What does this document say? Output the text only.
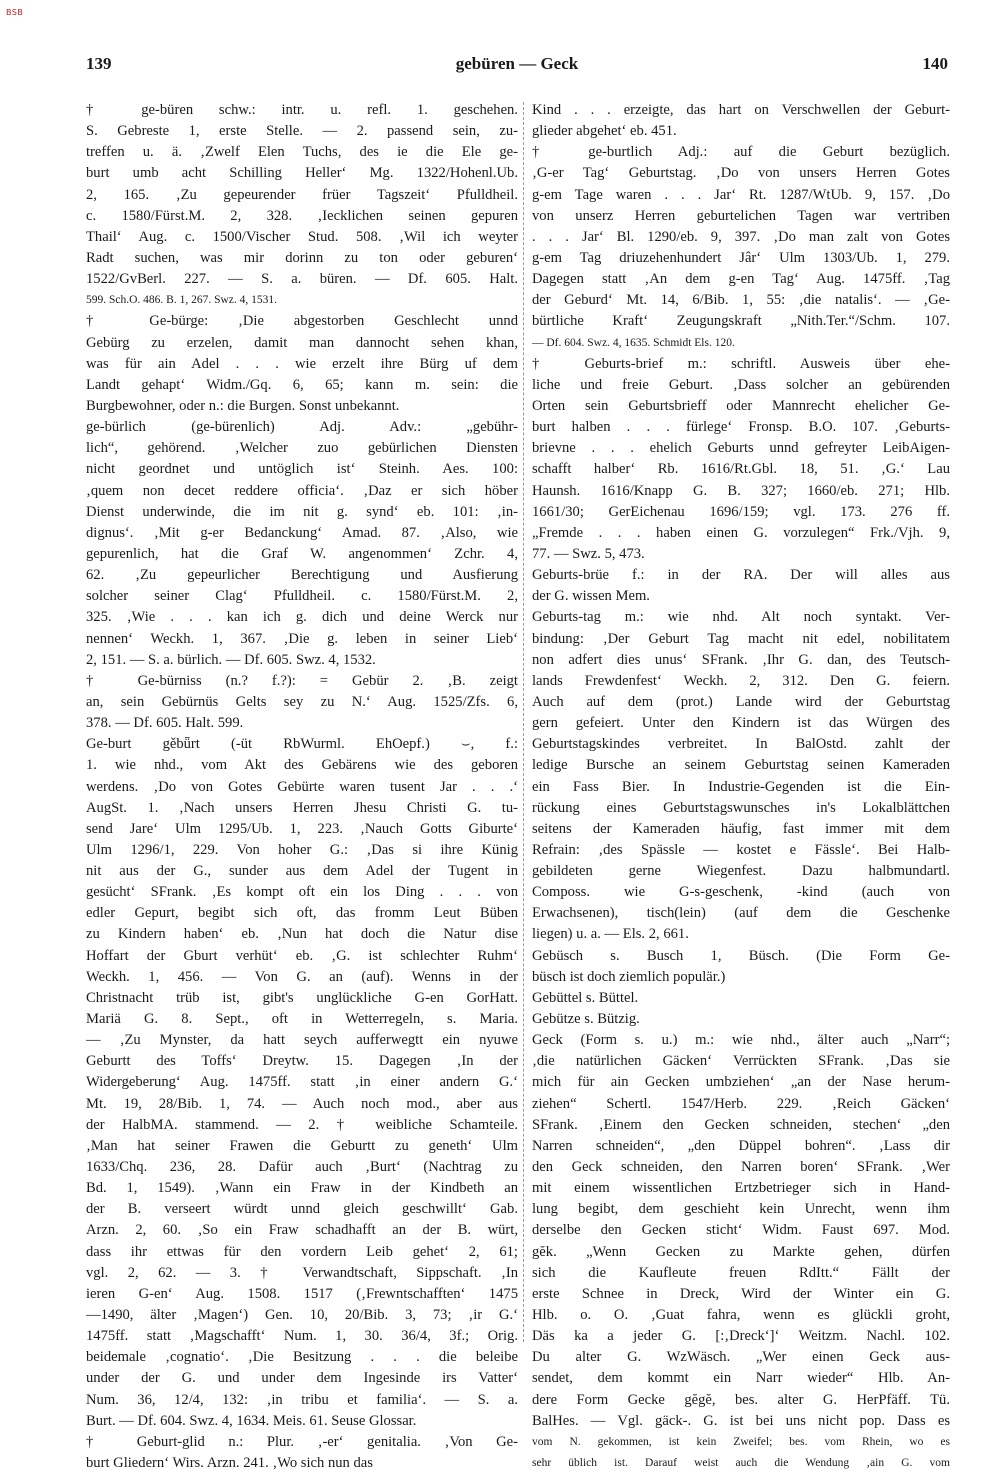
BSB
139	gebüren — Geck	140
† ge-büren schw.: intr. u. refl. 1. geschehen.
S. Gebreste 1, erste Stelle. — 2. passend sein, zu-
treffen u. ä. ‚Zwelf Elen Tuchs, des ie die Ele ge-
burt umb acht Schilling Heller‘ Mg. 1322/Hohenl.Ub.
2, 165. ‚Zu gepeurender früer Tagszeit‘ Pfulldheil.
c. 1580/Fürst.M. 2, 328. ‚Iecklichen seinen gepuren
Thail‘ Aug. c. 1500/Vischer Stud. 508. ‚Wil ich weyter
Radt suchen, was mir dorinn zu ton oder geburen‘
1522/GvBerl. 227. — S. a. büren. — Df. 605. Halt.
599. Sch.O. 486. B. 1, 267. Swz. 4, 1531.
† Ge-bürge: ‚Die abgestorben Geschlecht unnd
Gebürg zu erzelen, damit man dannocht sehen khan,
was für ain Adel . . . wie erzelt ihre Bürg uf dem
Landt gehapt‘ Widm./Gq. 6, 65; kann m. sein: die
Burgbewohner, oder n.: die Burgen. Sonst unbekannt.
ge-bürlich (ge-bürenlich) Adj. Adv.: „gebühr-
lich“, gehörend. ‚Welcher zuo gebürlichen Diensten
nicht geordnet und untöglich ist‘ Steinh. Aes. 100:
‚quem non decet reddere officia‘. ‚Daz er sich höber
Dienst underwinde, die im nit g. synd‘ eb. 101: ‚in-
dignus‘. ‚Mit g-er Bedanckung‘ Amad. 87. ‚Also, wie
gepurenlich, hat die Graf W. angenommen‘ Zchr. 4,
62. ‚Zu gepeurlicher Berechtigung und Ausfierung
solcher seiner Clag‘ Pfulldheil. c. 1580/Fürst.M. 2,
325. ‚Wie . . . kan ich g. dich und deine Werck nur
nennen‘ Weckh. 1, 367. ‚Die g. leben in seiner Lieb‘
2, 151. — S. a. bürlich. — Df. 605. Swz. 4, 1532.
† Ge-bürniss (n.? f.?): = Gebür 2. ‚B. zeigt
an, sein Gebürnüs Gelts sey zu N.‘ Aug. 1525/Zfs. 6,
378. — Df. 605. Halt. 599.
Ge-burt gěbǖrt (-üt RbWurml. EhOepf.) ⌣, f.:
1. wie nhd., vom Akt des Gebärens wie des geboren
werdens. ‚Do von Gotes Gebürte waren tusent Jar . . .‘
AugSt. 1. ‚Nach unsers Herren Jhesu Christi G. tu-
send Jare‘ Ulm 1295/Ub. 1, 223. ‚Nauch Gotts Giburte‘
Ulm 1296/1, 229. Von hoher G.: ‚Das si ihre Künig
nit aus der G., sunder aus dem Adel der Tugent in
gesücht‘ SFrank. ‚Es kompt oft ein los Ding . . . von
edler Gepurt, begibt sich oft, das fromm Leut Büben
zu Kindern haben‘ eb. ‚Nun hat doch die Natur dise
Hoffart der Gburt verhüt‘ eb. ‚G. ist schlechter Ruhm‘
Weckh. 1, 456. — Von G. an (auf). Wenns in der
Christnacht trüb ist, gibt's unglückliche G-en GorHatt.
Mariä G. 8. Sept., oft in Wetterregeln, s. Maria.
— ‚Zu Mynster, da hatt seych aufferwegtt ein nyuwe
Geburtt des Toffs‘ Dreytw. 15. Dagegen ‚In der
Widergeberung‘ Aug. 1475ff. statt ‚in einer andern G.‘
Mt. 19, 28/Bib. 1, 74. — Auch noch mod., aber aus
der HalbMA. stammend. — 2. † weibliche Schamteile.
‚Man hat seiner Frawen die Geburtt zu geneth‘ Ulm
1633/Chq. 236, 28. Dafür auch ‚Burt‘ (Nachtrag zu
Bd. 1, 1549). ‚Wann ein Fraw in der Kindbeth an
der B. verseert würdt unnd gleich geschwillt‘ Gab.
Arzn. 2, 60. ‚So ein Fraw schadhafft an der B. würt,
dass ihr ettwas für den vordern Leib gehet‘ 2, 61;
vgl. 2, 62. — 3. † Verwandtschaft, Sippschaft. ‚In
ieren G-en‘ Aug. 1508. 1517 (‚Frewntschafften‘ 1475
—1490, älter ‚Magen‘) Gen. 10, 20/Bib. 3, 73; ‚ir G.‘
1475ff. statt ‚Magschafft‘ Num. 1, 30. 36/4, 3f.; Orig.
beidemale ‚cognatio‘. ‚Die Besitzung . . . die beleibe
under der G. und under dem Ingesinde irs Vatter‘
Num. 36, 12/4, 132: ‚in tribu et familia‘. — S. a.
Burt. — Df. 604. Swz. 4, 1634. Meis. 61. Seuse Glossar.
† Geburt-glid n.: Plur. ‚-er‘ genitalia. ‚Von Ge-
burt Gliedern‘ Wirs. Arzn. 241. ‚Wo sich nun das
Kind . . . erzeigte, das hart on Verschwellen der Geburt-
glieder abgehet‘ eb. 451.
† ge-burtlich Adj.: auf die Geburt bezüglich.
‚G-er Tag‘ Geburtstag. ‚Do von unsers Herren Gotes
g-em Tage waren . . . Jar‘ Rt. 1287/WtUb. 9, 157. ‚Do
von unserz Herren geburtelichen Tagen war vertriben
. . . Jar‘ Bl. 1290/eb. 9, 397. ‚Do man zalt von Gotes
g-em Tag driuzehenhundert Jâr‘ Ulm 1303/Ub. 1, 279.
Dagegen statt ‚An dem g-en Tag‘ Aug. 1475ff. ‚Tag
der Geburd‘ Mt. 14, 6/Bib. 1, 55: ‚die natalis‘. — ‚Ge-
bürtliche Kraft‘ Zeugungskraft „Nith.Ter.“/Schm. 107.
— Df. 604. Swz. 4, 1635. Schmidt Els. 120.
† Geburts-brief m.: schriftl. Ausweis über ehe-
liche und freie Geburt. ‚Dass solcher an gebürenden
Orten sein Geburtsbrieff oder Mannrecht ehelicher Ge-
burt halben . . . fürlege‘ Fronsp. B.O. 107. ‚Geburts-
brievne . . . ehelich Geburts unnd gefreyter LeibAigen-
schafft halber‘ Rb. 1616/Rt.Gbl. 18, 51. ‚G.‘ Lau
Haunsh. 1616/Knapp G. B. 327; 1660/eb. 271; Hlb.
1661/30; GerEichenau 1696/159; vgl. 173. 276 ff.
„Fremde . . . haben einen G. vorzulegen“ Frk./Vjh. 9,
77. — Swz. 5, 473.
Geburts-brüe f.: in der RA. Der will alles aus
der G. wissen Mem.
Geburts-tag m.: wie nhd. Alt noch syntakt. Ver-
bindung: ‚Der Geburt Tag macht nit edel, nobilitatem
non adfert dies unus‘ SFrank. ‚Ihr G. dan, des Teutsch-
lands Frewdenfest‘ Weckh. 2, 312. Den G. feiern.
Auch auf dem (prot.) Lande wird der Geburtstag
gern gefeiert. Unter den Kindern ist das Würgen des
Geburtstagskindes verbreitet. In BalOstd. zahlt der
ledige Bursche an seinem Geburtstag seinen Kameraden
ein Fass Bier. In Industrie-Gegenden ist die Ein-
rückung eines Geburtstagswunsches in's Lokalblättchen
seitens der Kameraden häufig, fast immer mit dem
Refrain: ‚des Spässle — kostet e Fässle‘. Bei Halb-
gebildeten gerne Wiegenfest. Dazu halbmundartl.
Composs. wie G-s-geschenk, -kind (auch von
Erwachsenen), tisch(lein) (auf dem die Geschenke
liegen) u. a. — Els. 2, 661.
Gebüsch s. Busch 1, Büsch. (Die Form Ge-
büsch ist doch ziemlich populär.)
Gebüttel s. Büttel.
Gebütze s. Bützig.
Geck (Form s. u.) m.: wie nhd., älter auch „Narr“;
‚die natürlichen Gäcken‘ Verrückten SFrank. ‚Das sie
mich für ain Gecken umbziehen‘ „an der Nase herum-
ziehen“ Schertl. 1547/Herb. 229. ‚Reich Gäcken‘
SFrank. ‚Einem den Gecken schneiden, stechen‘ „den
Narren schneiden“, „den Düppel bohren“. ‚Lass dir
den Geck schneiden, den Narren boren‘ SFrank. ‚Wer
mit einem wissentlichen Ertzbetrieger sich in Hand-
lung begibt, dem geschieht kein Unrecht, wenn ihm
derselbe den Gecken sticht‘ Widm. Faust 697. Mod.
gĕk. „Wenn Gecken zu Markte gehen, dürfen
sich die Kaufleute freuen RdItt.“ Fällt der
erste Schnee in Dreck, Wird der Winter ein G.
Hlb. o. O. ‚Guat fahra, wenn es glückli groht,
Däs ka a jeder G. [:‚Dreck‘]‘ Weitzm. Nachl. 102.
Du alter G. WzWäsch. „Wer einen Geck aus-
sendet, dem kommt ein Narr wieder“ Hlb. An-
dere Form Gecke gĕgĕ, bes. alter G. HerPfäff. Tü.
BalHes. — Vgl. gäck-. G. ist bei uns nicht pop. Dass es
vom N. gekommen, ist kein Zweifel; bes. vom Rhein, wo es
sehr üblich ist. Darauf weist auch die Wendung ‚ain G. vom
